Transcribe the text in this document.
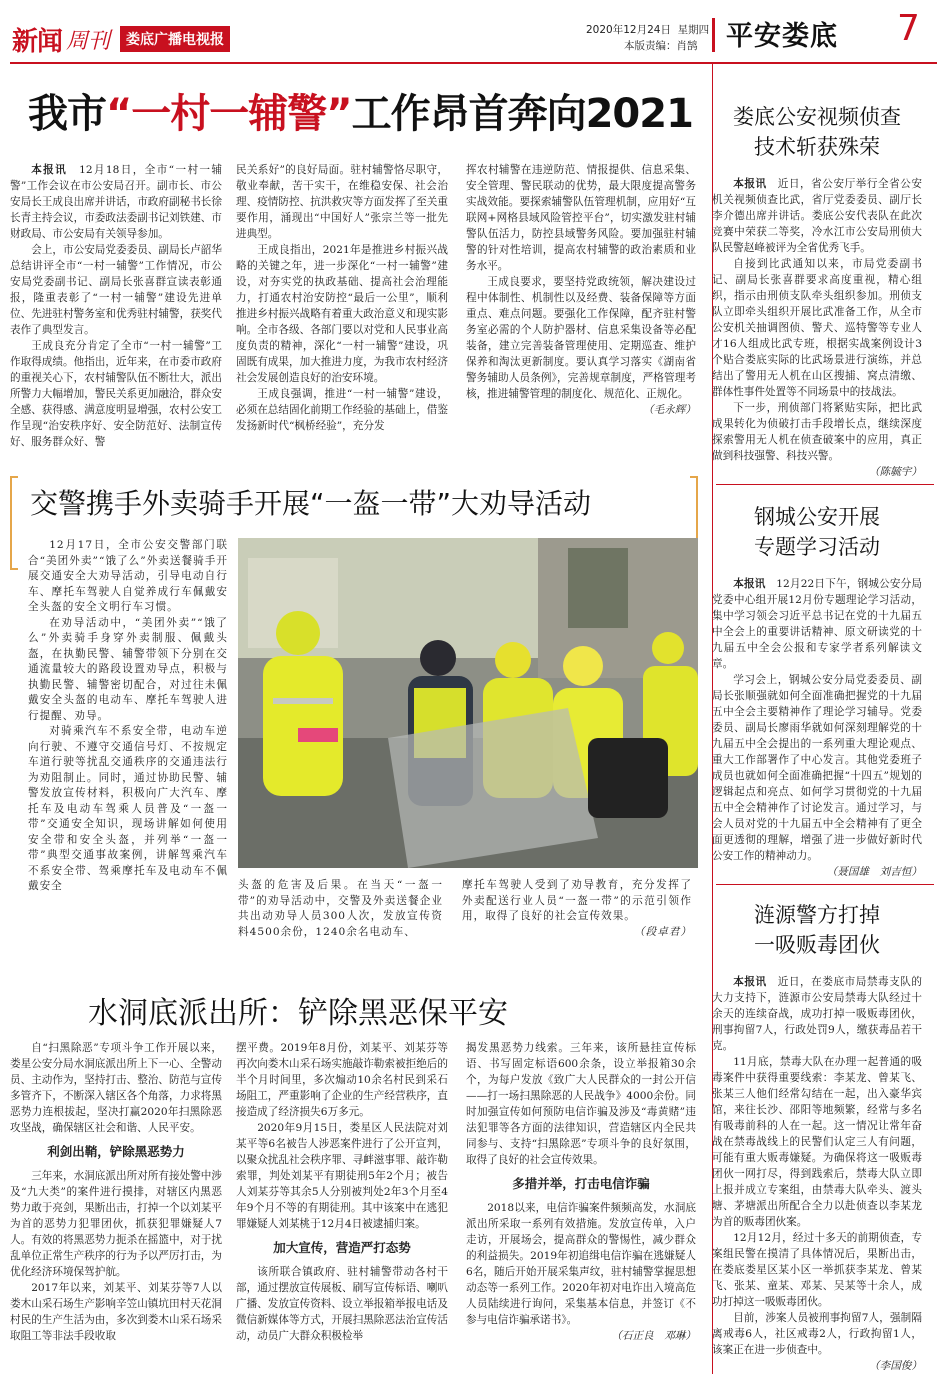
新闻 周刊	娄底广播电视报
2020年12月24日 星期四
本版责编：肖鹄	平安娄底 7
我市“一村一辅警”工作昂首奔向2021

本报讯　12月18日，全市“一村一辅警”工作会议在市公安局召开。副市长、市公安局长王成良出席并讲话，市政府副秘书长徐长青主持会议，市委政法委副书记刘铁建、市财政局、市公安局有关领导参加。

会上，市公安局党委委员、副局长卢韶华总结讲评全市“一村一辅警”工作情况，市公安局党委副书记、副局长张喜群宣读表彰通报，隆重表彰了“一村一辅警”建设先进单位、先进驻村警务室和优秀驻村辅警，获奖代表作了典型发言。

王成良充分肯定了全市“一村一辅警”工作取得成绩。他指出，近年来，在市委市政府的重视关心下，农村辅警队伍不断壮大，派出所警力大幅增加，警民关系更加融洽，群众安全感、获得感、满意度明显增强，农村公安工作呈现“治安秩序好、安全防范好、法制宣传好、服务群众好、警

民关系好”的良好局面。驻村辅警恪尽职守，敬业奉献，苦干实干，在维稳安保、社会治理、疫情防控、抗洪救灾等方面发挥了至关重要作用，涌现出“中国好人”张宗兰等一批先进典型。

王成良指出，2021年是推进乡村振兴战略的关键之年，进一步深化“一村一辅警”建设，对夯实党的执政基础、提高社会治理能力，打通农村治安防控“最后一公里”，顺利推进乡村振兴战略有着重大政治意义和现实影响。全市各级、各部门要以对党和人民事业高度负责的精神，深化“一村一辅警”建设，巩固既有成果，加大推进力度，为我市农村经济社会发展创造良好的治安环境。

王成良强调，推进“一村一辅警”建设，必须在总结固化前期工作经验的基础上，借鉴发扬新时代“枫桥经验”，充分发

挥农村辅警在违逆防范、情报提供、信息采集、安全管理、警民联动的优势，最大限度提高警务实战效能。要探索辅警队伍管理机制，应用好“互联网+网格县域风险管控平台”，切实激发驻村辅警队伍活力，防控县域警务风险。要加强驻村辅警的针对性培训，提高农村辅警的政治素质和业务水平。

王成良要求，要坚持党政统领，解决建设过程中体制性、机制性以及经费、装备保障等方面重点、难点问题。要强化工作保障，配齐驻村警务室必需的个人防护器材、信息采集设备等必配装备，建立完善装备管理使用、定期巡查、维护保养和淘汰更新制度。要认真学习落实《湖南省警务辅助人员条例》，完善规章制度，严格管理考核，推进辅警管理的制度化、规范化、正规化。

（毛永辉）
交警携手外卖骑手开展“一盔一带”大劝导活动

12月17日，全市公安交警部门联合“美团外卖”“饿了么”外卖送餐骑手开展交通安全大劝导活动，引导电动自行车、摩托车驾驶人自觉养成行车佩戴安全头盔的安全文明行车习惯。

在劝导活动中，“美团外卖”“饿了么”外卖骑手身穿外卖制服、佩戴头盔，在执勤民警、辅警带领下分别在交通流量较大的路段设置劝导点，积极与执勤民警、辅警密切配合，对过往未佩戴安全头盔的电动车、摩托车驾驶人进行提醒、劝导。

对骑乘汽车不系安全带，电动车逆向行驶、不遵守交通信号灯、不按规定车道行驶等扰乱交通秩序的交通违法行为劝阻制止。同时，通过协助民警、辅警发放宣传材料，积极向广大汽车、摩托车及电动车驾乘人员普及“一盔一带”交通安全知识，现场讲解如何使用安全带和安全头盔，并列举“一盔一带”典型交通事故案例，讲解驾乘汽车不系安全带、驾乘摩托车及电动车不佩戴安全	头盔的危害及后果。在当天“一盔一带”的劝导活动中，交警及外卖送餐企业共出动劝导人员300人次，发放宣传资料4500余份，1240余名电动车、

摩托车驾驶人受到了劝导教育，充分发挥了外卖配送行业人员“一盔一带”的示范引领作用，取得了良好的社会宣传效果。

（段卓君）
水洞底派出所：铲除黑恶保平安

自“扫黑除恶”专项斗争工作开展以来，娄星公安分局水洞底派出所上下一心、全警动员、主动作为，坚持打击、整治、防范与宣传多管齐下，不断深入辖区各个角落，力求将黑恶势力连根拔起，坚决打赢2020年扫黑除恶攻坚战，确保辖区社会和谐、人民平安。

利剑出鞘，铲除黑恶势力

三年来，水洞底派出所对所有接处警中涉及“九大类”的案件进行摸排，对辖区内黑恶势力敢于亮剑，果断出击，打掉一个以刘某平为首的恶势力犯罪团伙，抓获犯罪嫌疑人7人。有效的将黑恶势力扼杀在摇篮中，对于扰乱单位正常生产秩序的行为予以严厉打击，为优化经济环境保驾护航。

2017年以来，刘某平、刘某芬等7人以娄木山采石场生产影响辛笠山镇坑田村天花洞村民的生产生活为由，多次到娄木山采石场采取阻工等非法手段收取

摆平费。2019年8月份，刘某平、刘某芬等再次向娄木山采石场实施敲诈勒索被拒绝后的半个月时间里，多次煽动10余名村民到采石场阻工，严重影响了企业的生产经营秩序，直接造成了经济损失6万多元。

2020年9月15日，娄星区人民法院对刘某平等6名被告人涉恶案件进行了公开宣判，以聚众扰乱社会秩序罪、寻衅滋事罪、敲诈勒索罪，判处刘某平有期徒刑5年2个月；被告人刘某芬等其余5人分别被判处2年3个月至4年9个月不等的有期徒刑。其中该案中在逃犯罪嫌疑人刘某桃于12月4日被逮捕归案。

加大宣传，营造严打态势

该所联合镇政府、驻村辅警带动各村干部，通过摆放宣传展板、刷写宣传标语、喇叭广播、发放宣传资料、设立举报箱举报电话及微信新媒体等方式，开展扫黑除恶法治宣传活动，动员广大群众积极检举

揭发黑恶势力线索。三年来，该所悬挂宣传标语、书写固定标语600余条，设立举报箱30余个，为每户发放《致广大人民群众的一封公开信——打一场扫黑除恶的人民战争》4000余份。同时加强宣传如何预防电信诈骗及涉及“毒黄赌”违法犯罪等各方面的法律知识，营造辖区内全民共同参与、支持“扫黑除恶”专项斗争的良好氛围，取得了良好的社会宣传效果。

多措并举，打击电信诈骗

2018以来，电信诈骗案件频频高发，水洞底派出所采取一系列有效措施。发放宣传单，入户走访，开展场会，提高群众的警惕性，减少群众的利益损失。2019年初追缉电信诈骗在逃嫌疑人6名，随后开始开展采集声纹，驻村辅警掌握思想动态等一系列工作。2020年初对电诈出入境高危人员陆续进行询问，采集基本信息，并签订《不参与电信诈骗承诺书》。

（石正良　邓琳）
娄底公安视频侦查
技术斩获殊荣

本报讯　近日，省公安厅举行全省公安机关视频侦查比武，省厅党委委员、副厅长李介德出席并讲话。娄底公安代表队在此次竞赛中荣获二等奖，冷水江市公安局刑侦大队民警赵峰被评为全省优秀飞手。

自接到比武通知以来，市局党委副书记、副局长张喜群要求高度重视，精心组织，指示由刑侦支队牵头组织参加。刑侦支队立即牵头组织开展比武准备工作，从全市公安机关抽调图侦、警犬、巡特警等专业人才16人组成比武专班，根据实战案例设计3个贴合娄底实际的比武场景进行演练，并总结出了警用无人机在山区搜捕、窝点清缴、群体性事件处置等不同场景中的技战法。

下一步，刑侦部门将紧贴实际，把比武成果转化为侦破打击手段增长点，继续深度探索警用无人机在侦查破案中的应用，真正做到科技强警、科技兴警。

（陈毓宇）
钢城公安开展
专题学习活动

本报讯　12月22日下午，钢城公安分局党委中心组开展12月份专题理论学习活动，集中学习领会习近平总书记在党的十九届五中全会上的重要讲话精神、原文研读党的十九届五中全会公报和专家学者系列解读文章。

学习会上，钢城公安分局党委委员、副局长张顺强就如何全面准确把握党的十九届五中全会主要精神作了理论学习辅导。党委委员、副局长廖雨华就如何深刻理解党的十九届五中全会提出的一系列重大理论观点、重大工作部署作了中心发言。其他党委班子成员也就如何全面准确把握“十四五”规划的逻辑起点和亮点、如何学习贯彻党的十九届五中全会精神作了讨论发言。通过学习，与会人员对党的十九届五中全会精神有了更全面更透彻的理解，增强了进一步做好新时代公安工作的精神动力。

（聂国雄　刘吉恒）
涟源警方打掉
一吸贩毒团伙

本报讯　近日，在娄底市局禁毒支队的大力支持下，涟源市公安局禁毒大队经过十余天的连续奋战，成功打掉一吸贩毒团伙，刑事拘留7人，行政处罚9人，缴获毒品若干克。

11月底，禁毒大队在办理一起普通的吸毒案件中获得重要线索：李某龙、曾某飞、张某三人他们经常勾结在一起，出入豪华宾馆，来往长沙、邵阳等地频繁，经常与多名有吸毒前科的人在一起。这一情况让常年奋战在禁毒战线上的民警们认定三人有问题，可能有重大贩毒嫌疑。为确保将这一吸贩毒团伙一网打尽，得到践索后，禁毒大队立即上报并成立专案组，由禁毒大队牵头、渡头塘、茅塘派出所配合全力以赴侦查以李某龙为首的贩毒团伙案。

12月12月，经过十多天的前期侦查，专案组民警在摸清了具体情况后，果断出击，在娄底娄星区某小区一举抓获李某龙、曾某飞、张某、童某、邓某、吴某等十余人，成功打掉这一吸贩毒团伙。

目前，涉案人员被刑事拘留7人，强制隔离戒毒6人，社区戒毒2人，行政拘留1人，该案正在进一步侦查中。

（李国俊）
